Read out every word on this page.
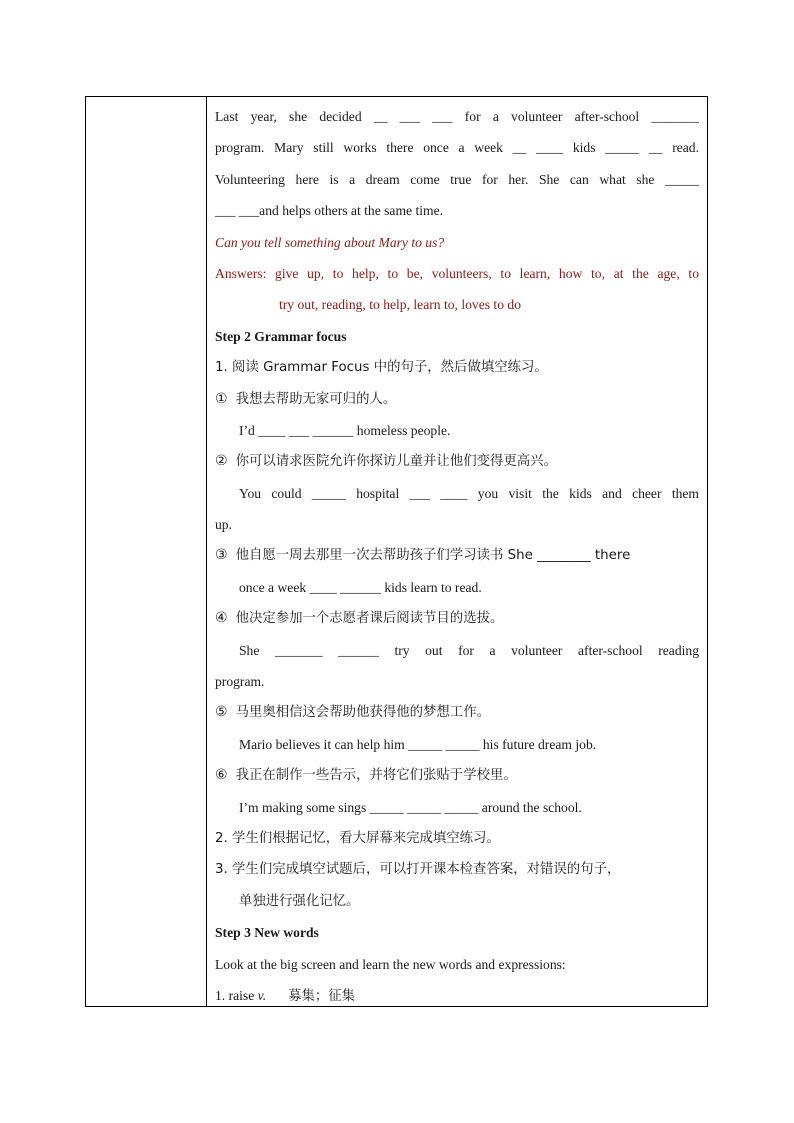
Last year, she decided __ ___ ___ for a volunteer after-school _______
program. Mary still works there once a week __ ____ kids _____ __ read.
Volunteering here is a dream come true for her. She can what she _____
___ ___and helps others at the same time.
Can you tell something about Mary to us?
Answers: give up, to help, to be, volunteers, to learn, how to, at the age, to
try out, reading, to help, learn to, loves to do
Step 2 Grammar focus
1. 阅读 Grammar Focus 中的句子，然后做填空练习。
① 我想去帮助无家可归的人。
I’d ____ ___ ______ homeless people.
② 你可以请求医院允许你探访儿童并让他们变得更高兴。
You could _____ hospital ___ ____ you visit the kids and cheer them
up.
③ 他自愿一周去那里一次去帮助孩子们学习读书 She ________ there
once a week ____ ______ kids learn to read.
④ 他决定参加一个志愿者课后阅读节目的选拔。
She _______ ______ try out for a volunteer after-school reading
program.
⑤ 马里奥相信这会帮助他获得他的梦想工作。
Mario believes it can help him _____ _____ his future dream job.
⑥ 我正在制作一些告示，并将它们张贴于学校里。
I’m making some sings _____ _____ _____ around the school.
2. 学生们根据记忆，看大屏幕来完成填空练习。
3. 学生们完成填空试题后，可以打开课本检查答案，对错误的句子，
单独进行强化记忆。
Step 3 New words
Look at the big screen and learn the new words and expressions:
1. raise v. 募集；征集
